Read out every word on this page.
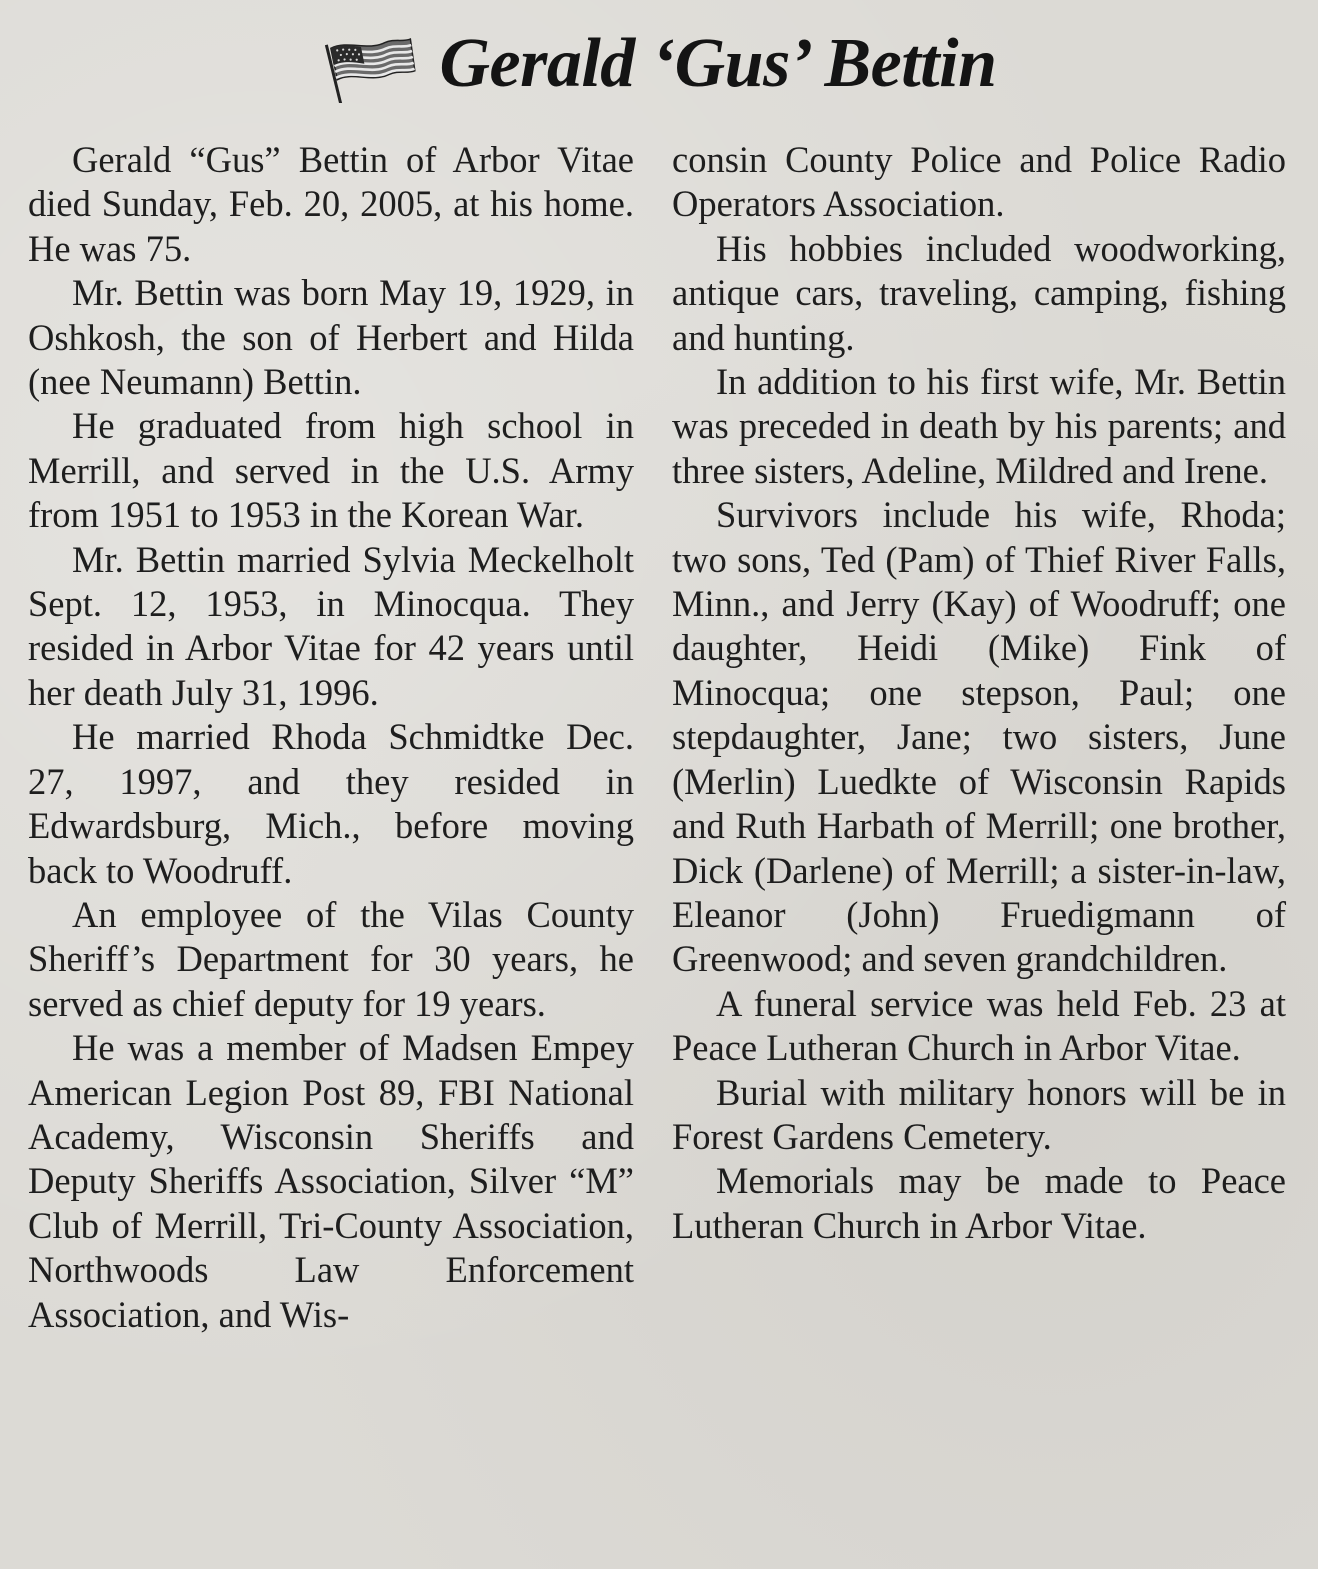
Gerald ‘Gus’ Bettin

Gerald “Gus” Bettin of Arbor Vitae died Sunday, Feb. 20, 2005, at his home. He was 75.

Mr. Bettin was born May 19, 1929, in Oshkosh, the son of Herbert and Hilda (nee Neumann) Bettin.

He graduated from high school in Merrill, and served in the U.S. Army from 1951 to 1953 in the Korean War.

Mr. Bettin married Sylvia Meckelholt Sept. 12, 1953, in Minocqua. They resided in Arbor Vitae for 42 years until her death July 31, 1996.

He married Rhoda Schmidtke Dec. 27, 1997, and they resided in Edwardsburg, Mich., before moving back to Woodruff.

An employee of the Vilas County Sheriff’s Department for 30 years, he served as chief deputy for 19 years.

He was a member of Madsen Empey American Legion Post 89, FBI National Academy, Wisconsin Sheriffs and Deputy Sheriffs Association, Silver “M” Club of Merrill, Tri-County Association, Northwoods Law Enforcement Association, and Wis-

consin County Police and Police Radio Operators Association.

His hobbies included woodworking, antique cars, traveling, camping, fishing and hunting.

In addition to his first wife, Mr. Bettin was preceded in death by his parents; and three sisters, Adeline, Mildred and Irene.

Survivors include his wife, Rhoda; two sons, Ted (Pam) of Thief River Falls, Minn., and Jerry (Kay) of Woodruff; one daughter, Heidi (Mike) Fink of Minocqua; one stepson, Paul; one stepdaughter, Jane; two sisters, June (Merlin) Luedkte of Wisconsin Rapids and Ruth Harbath of Merrill; one brother, Dick (Darlene) of Merrill; a sister-in-law, Eleanor (John) Fruedigmann of Greenwood; and seven grandchildren.

A funeral service was held Feb. 23 at Peace Lutheran Church in Arbor Vitae.

Burial with military honors will be in Forest Gardens Cemetery.

Memorials may be made to Peace Lutheran Church in Arbor Vitae.
